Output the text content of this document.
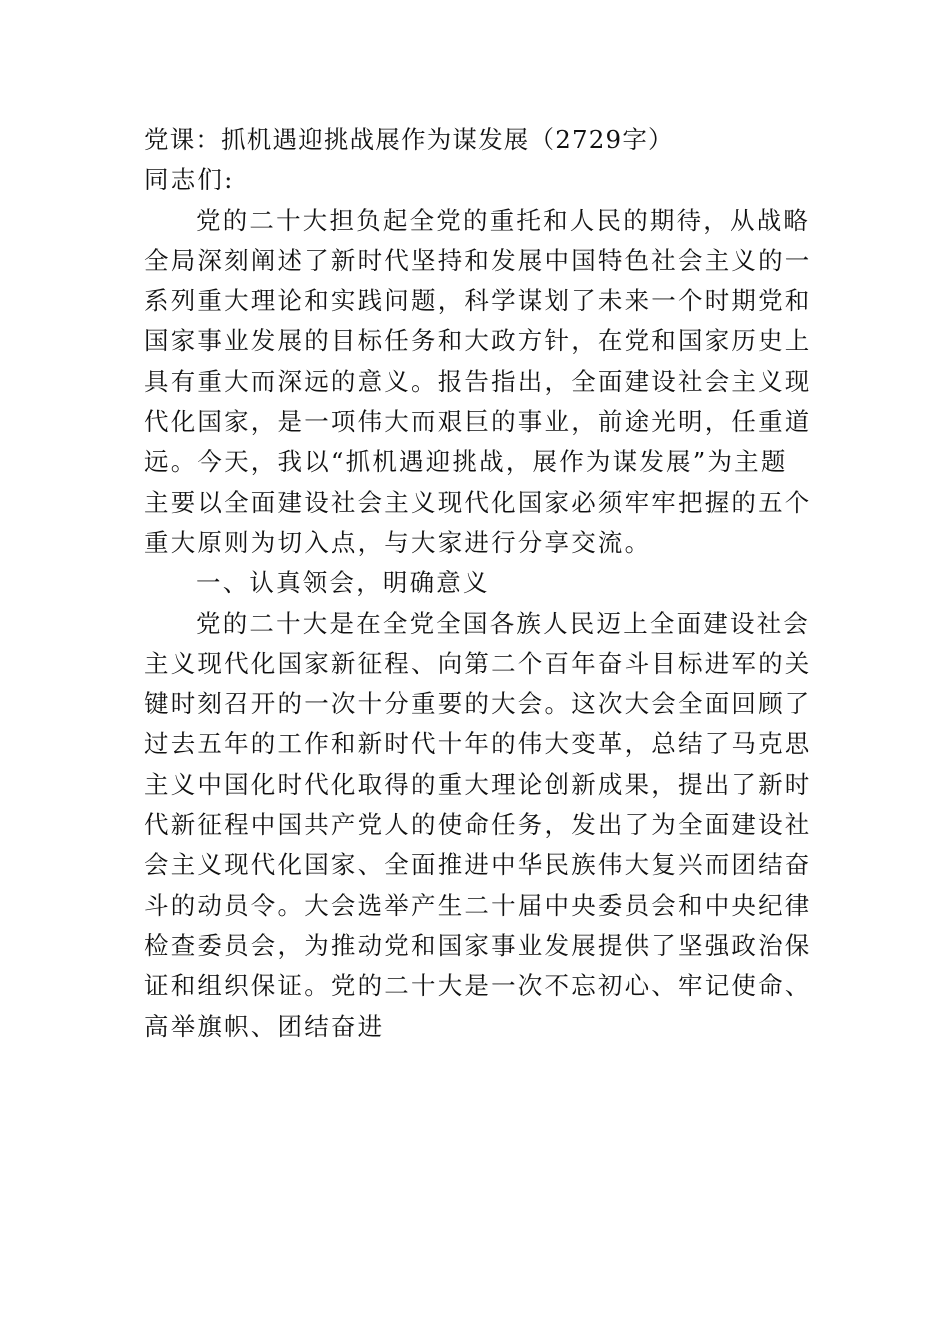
党课：抓机遇迎挑战展作为谋发展（2729字）
同志们:
党的二十大担负起全党的重托和人民的期待，从战略
全局深刻阐述了新时代坚持和发展中国特色社会主义的一
系列重大理论和实践问题，科学谋划了未来一个时期党和
国家事业发展的目标任务和大政方针，在党和国家历史上
具有重大而深远的意义。报告指出，全面建设社会主义现
代化国家，是一项伟大而艰巨的事业，前途光明，任重道
远。今天，我以“抓机遇迎挑战，展作为谋发展”为主题
主要以全面建设社会主义现代化国家必须牢牢把握的五个
重大原则为切入点，与大家进行分享交流。
一、认真领会，明确意义
党的二十大是在全党全国各族人民迈上全面建设社会
主义现代化国家新征程、向第二个百年奋斗目标进军的关
键时刻召开的一次十分重要的大会。这次大会全面回顾了
过去五年的工作和新时代十年的伟大变革，总结了马克思
主义中国化时代化取得的重大理论创新成果，提出了新时
代新征程中国共产党人的使命任务，发出了为全面建设社
会主义现代化国家、全面推进中华民族伟大复兴而团结奋
斗的动员令。大会选举产生二十届中央委员会和中央纪律
检查委员会，为推动党和国家事业发展提供了坚强政治保
证和组织保证。党的二十大是一次不忘初心、牢记使命、
高举旗帜、团结奋进
